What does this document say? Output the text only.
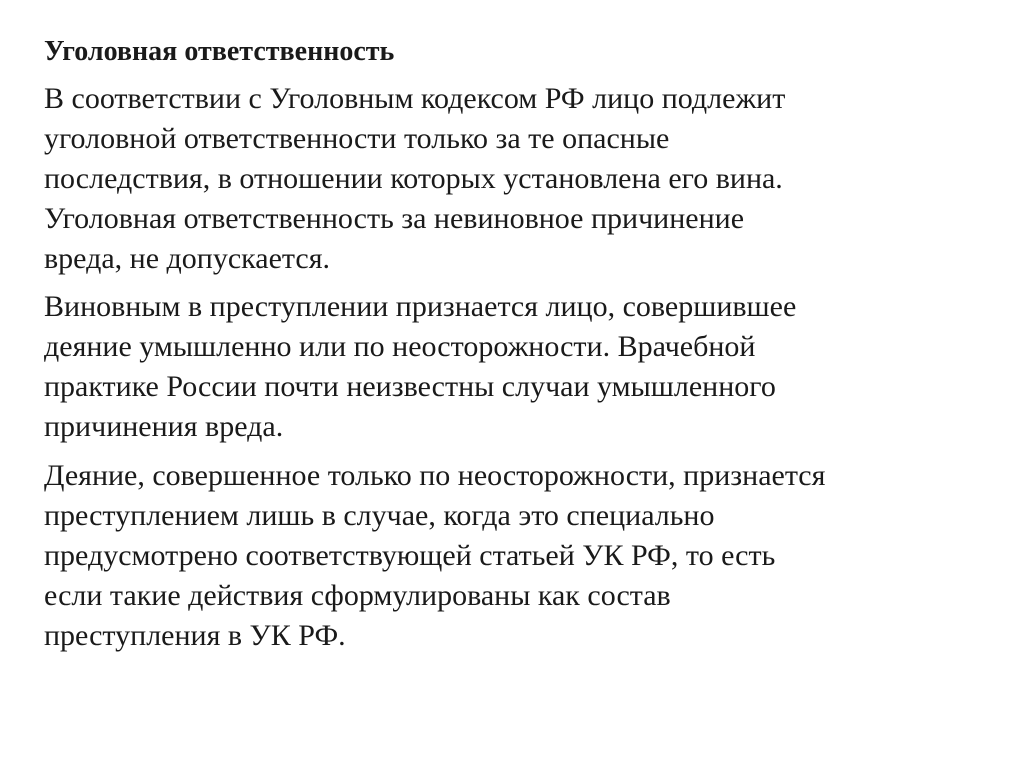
Уголовная ответственность

В соответствии с Уголовным кодексом РФ лицо подлежит
уголовной ответственности только за те опасные
последствия, в отношении которых установлена его вина.
Уголовная ответственность за невиновное причинение
вреда, не допускается.

Виновным в преступлении признается лицо, совершившее
деяние умышленно или по неосторожности. Врачебной
практике России почти неизвестны случаи умышленного
причинения вреда.

Деяние, совершенное только по неосторожности, признается
преступлением лишь в случае, когда это специально
предусмотрено соответствующей статьей УК РФ, то есть
если такие действия сформулированы как состав
преступления в УК РФ.
